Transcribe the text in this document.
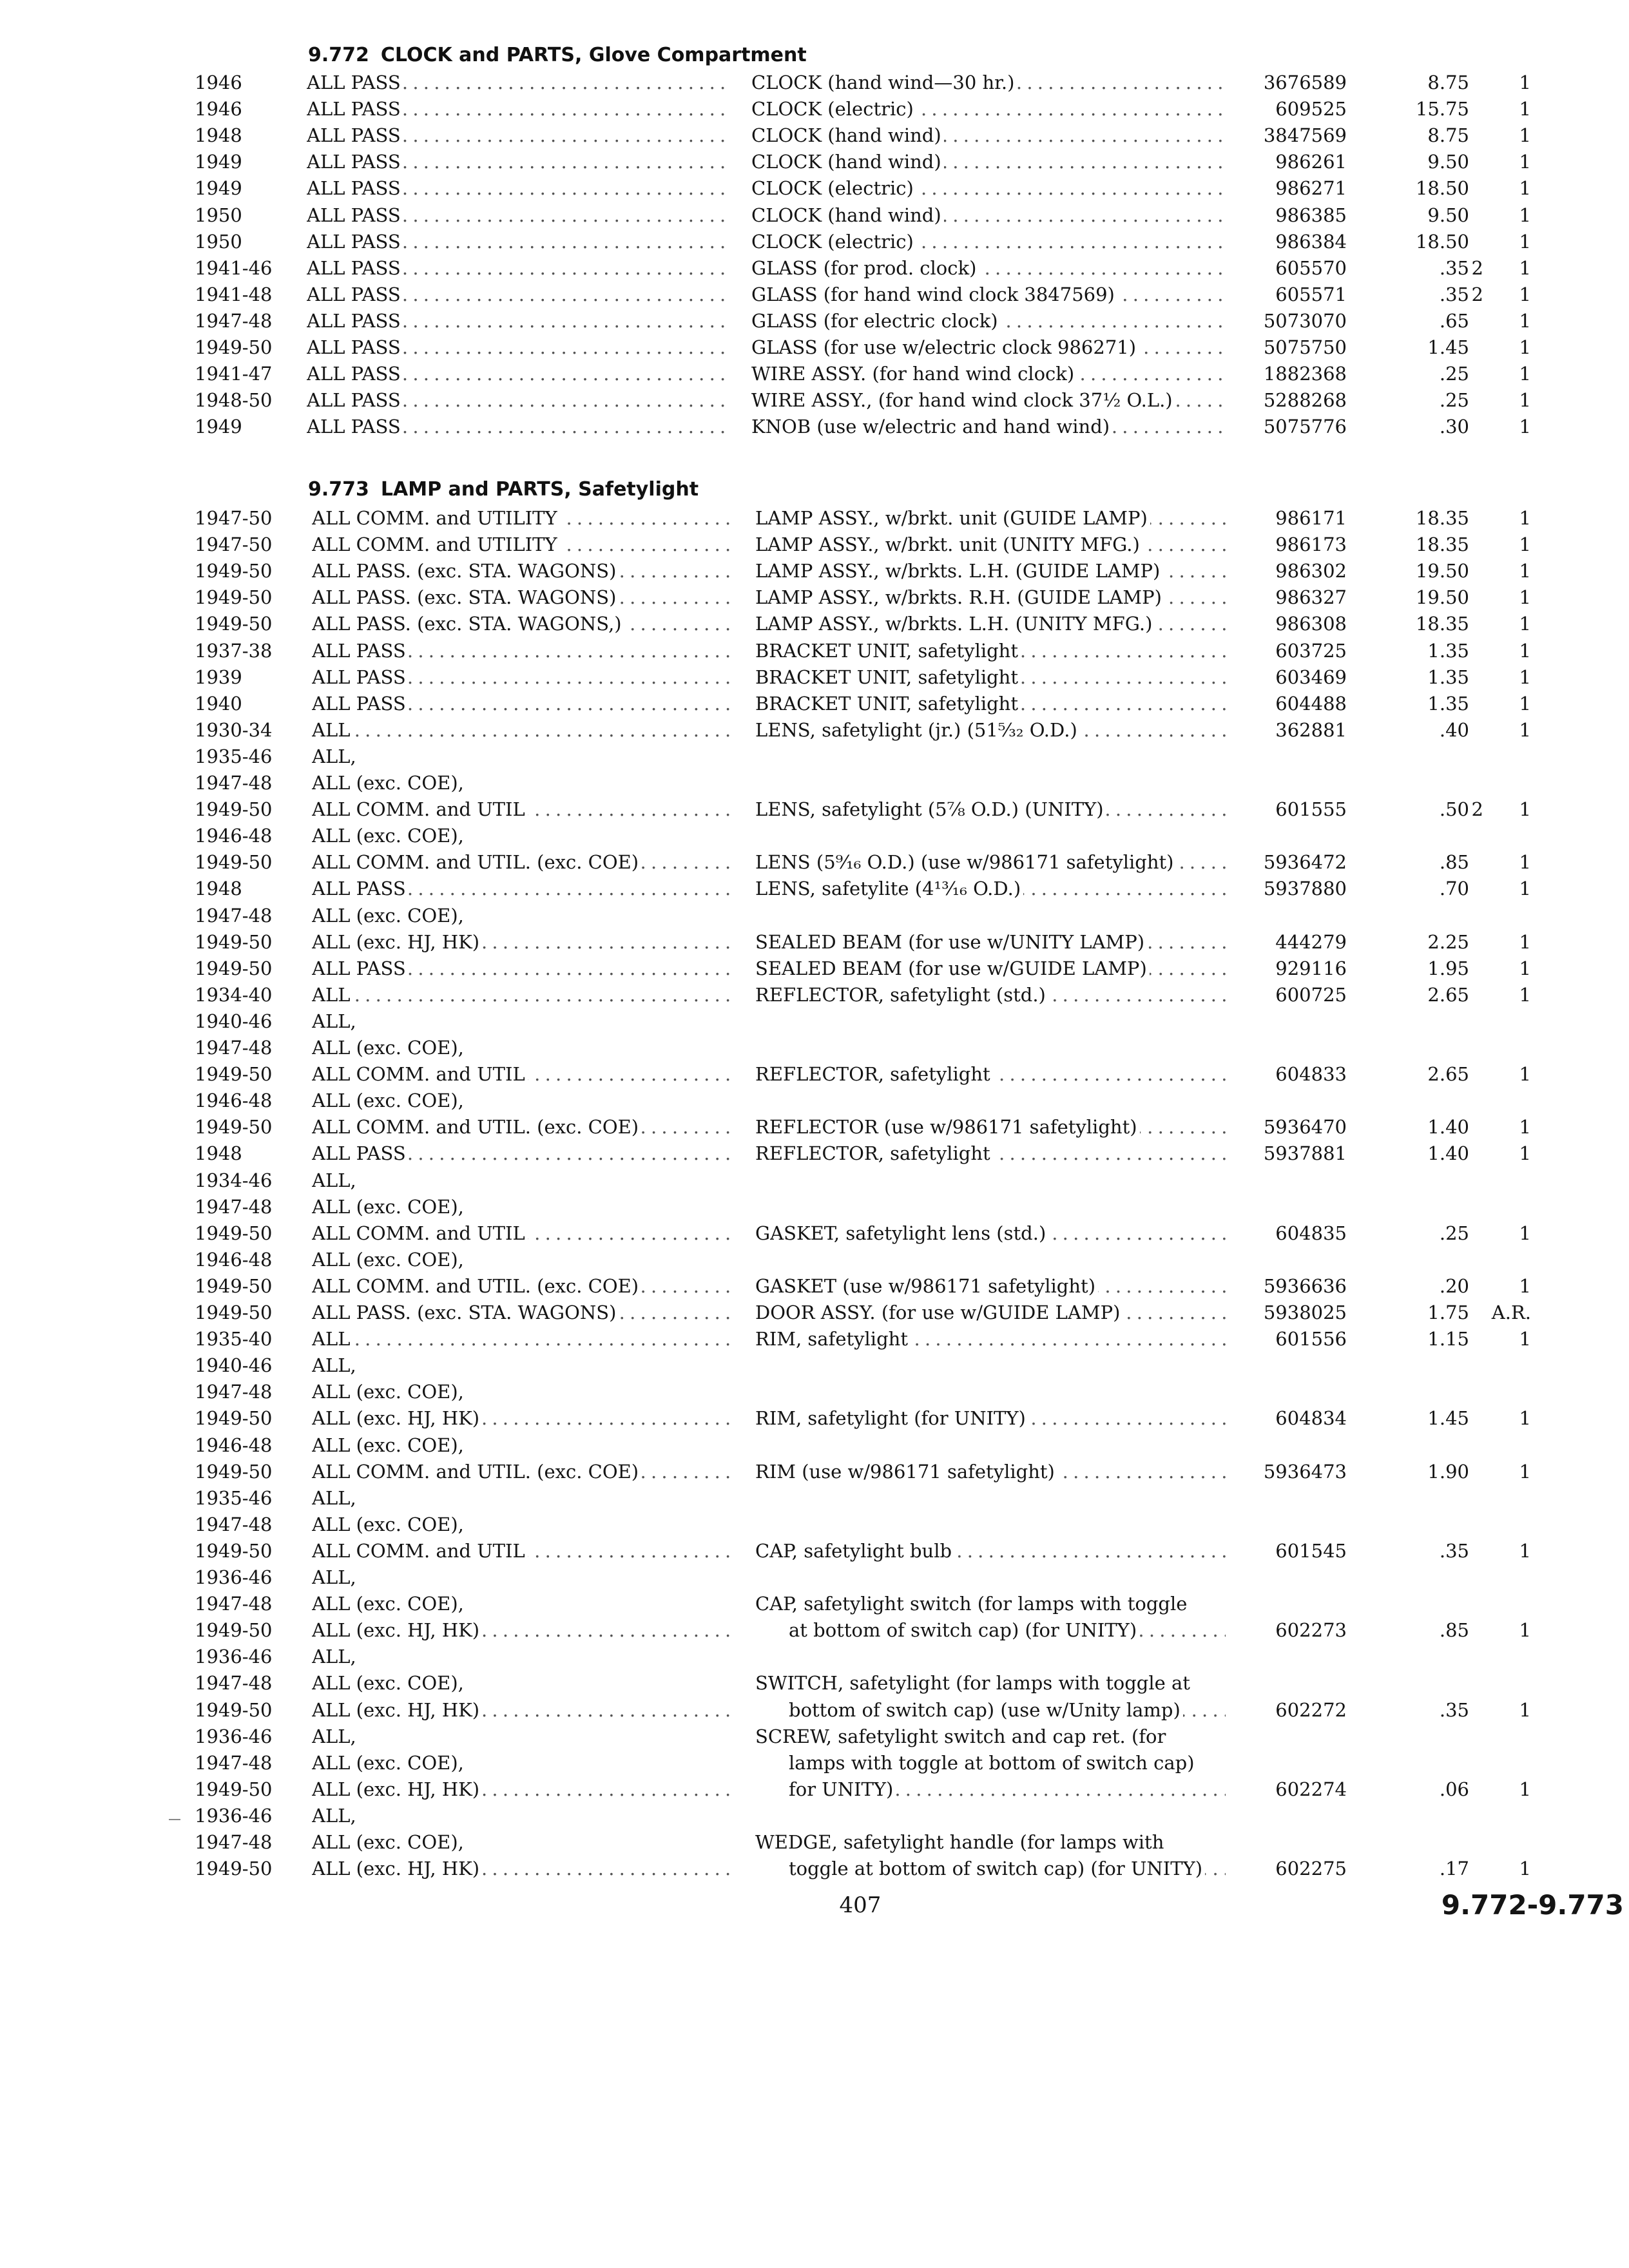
9.772 CLOCK and PARTS, Glove Compartment
1946	ALL PASS . . .	CLOCK (hand wind—30 hr.) . . .	3676589	8.75	1
1946	ALL PASS . . .	CLOCK (electric) . . .	609525	15.75	1
1948	ALL PASS . . .	CLOCK (hand wind) . . .	3847569	8.75	1
1949	ALL PASS . . .	CLOCK (hand wind) . . .	986261	9.50	1
1949	ALL PASS . . .	CLOCK (electric) . . .	986271	18.50	1
1950	ALL PASS . . .	CLOCK (hand wind) . . .	986385	9.50	1
1950	ALL PASS . . .	CLOCK (electric) . . .	986384	18.50	1
1941-46	ALL PASS . . .	GLASS (for prod. clock) . . .	605570	.35 2	1
1941-48	ALL PASS . . .	GLASS (for hand wind clock 3847569) . . .	605571	.35 2	1
1947-48	ALL PASS . . .	GLASS (for electric clock) . . .	5073070	.65	1
1949-50	ALL PASS . . .	GLASS (for use w/electric clock 986271) . . .	5075750	1.45	1
1941-47	ALL PASS . . .	WIRE ASSY. (for hand wind clock) . . .	1882368	.25	1
1948-50	ALL PASS . . .	WIRE ASSY., (for hand wind clock 37½ O.L.) . . .	5288268	.25	1
1949	ALL PASS . . .	KNOB (use w/electric and hand wind) . . .	5075776	.30	1
9.773 LAMP and PARTS, Safetylight
1947-50	ALL COMM. and UTILITY . . .	LAMP ASSY., w/brkt. unit (GUIDE LAMP) . . .	986171	18.35	1
1947-50	ALL COMM. and UTILITY . . .	LAMP ASSY., w/brkt. unit (UNITY MFG.) . . .	986173	18.35	1
1949-50	ALL PASS. (exc. STA. WAGONS) . . .	LAMP ASSY., w/brkts. L.H. (GUIDE LAMP) . . .	986302	19.50	1
1949-50	ALL PASS. (exc. STA. WAGONS) . . .	LAMP ASSY., w/brkts. R.H. (GUIDE LAMP) . . .	986327	19.50	1
1949-50	ALL PASS. (exc. STA. WAGONS,) . . .	LAMP ASSY., w/brkts. L.H. (UNITY MFG.) . . .	986308	18.35	1
1937-38	ALL PASS . . .	BRACKET UNIT, safetylight . . .	603725	1.35	1
1939	ALL PASS . . .	BRACKET UNIT, safetylight . . .	603469	1.35	1
1940	ALL PASS . . .	BRACKET UNIT, safetylight . . .	604488	1.35	1
1930-34	ALL . . .	LENS, safetylight (jr.) (51⁵⁄₃₂ O.D.) . . .	362881	.40	1
1935-46	ALL,
1947-48	ALL (exc. COE),
1949-50	ALL COMM. and UTIL . . .	LENS, safetylight (5⅞ O.D.) (UNITY) . . .	601555	.50 2	1
1946-48	ALL (exc. COE),
1949-50	ALL COMM. and UTIL. (exc. COE) . . .	LENS (5⁹⁄₁₆ O.D.) (use w/986171 safetylight) . . .	5936472	.85	1
1948	ALL PASS . . .	LENS, safetylite (4¹³⁄₁₆ O.D.) . . .	5937880	.70	1
1947-48	ALL (exc. COE),
1949-50	ALL (exc. HJ, HK) . . .	SEALED BEAM (for use w/UNITY LAMP) . . .	444279	2.25	1
1949-50	ALL PASS . . .	SEALED BEAM (for use w/GUIDE LAMP) . . .	929116	1.95	1
1934-40	ALL . . .	REFLECTOR, safetylight (std.) . . .	600725	2.65	1
1940-46	ALL,
1947-48	ALL (exc. COE),
1949-50	ALL COMM. and UTIL . . .	REFLECTOR, safetylight . . .	604833	2.65	1
1946-48	ALL (exc. COE),
1949-50	ALL COMM. and UTIL. (exc. COE) . . .	REFLECTOR (use w/986171 safetylight) . . .	5936470	1.40	1
1948	ALL PASS . . .	REFLECTOR, safetylight . . .	5937881	1.40	1
1934-46	ALL,
1947-48	ALL (exc. COE),
1949-50	ALL COMM. and UTIL . . .	GASKET, safetylight lens (std.) . . .	604835	.25	1
1946-48	ALL (exc. COE),
1949-50	ALL COMM. and UTIL. (exc. COE) . . .	GASKET (use w/986171 safetylight) . . .	5936636	.20	1
1949-50	ALL PASS. (exc. STA. WAGONS) . . .	DOOR ASSY. (for use w/GUIDE LAMP) . . .	5938025	1.75	A.R.
1935-40	ALL . . .	RIM, safetylight . . .	601556	1.15	1
1940-46	ALL,
1947-48	ALL (exc. COE),
1949-50	ALL (exc. HJ, HK) . . .	RIM, safetylight (for UNITY) . . .	604834	1.45	1
1946-48	ALL (exc. COE),
1949-50	ALL COMM. and UTIL. (exc. COE) . . .	RIM (use w/986171 safetylight) . . .	5936473	1.90	1
1935-46	ALL,
1947-48	ALL (exc. COE),
1949-50	ALL COMM. and UTIL . . .	CAP, safetylight bulb . . .	601545	.35	1
1936-46	ALL,
1947-48	ALL (exc. COE),	CAP, safetylight switch (for lamps with toggle
1949-50	ALL (exc. HJ, HK) . . .	at bottom of switch cap) (for UNITY) . . .	602273	.85	1
1936-46	ALL,
1947-48	ALL (exc. COE),	SWITCH, safetylight (for lamps with toggle at
1949-50	ALL (exc. HJ, HK) . . .	bottom of switch cap) (use w/Unity lamp) . . .	602272	.35	1
1936-46	ALL,	SCREW, safetylight switch and cap ret. (for
1947-48	ALL (exc. COE),	lamps with toggle at bottom of switch cap)
1949-50	ALL (exc. HJ, HK) . . .	for UNITY) . . .	602274	.06	1
1936-46	ALL,
1947-48	ALL (exc. COE),	WEDGE, safetylight handle (for lamps with
1949-50	ALL (exc. HJ, HK) . . .	toggle at bottom of switch cap) (for UNITY) . . .	602275	.17	1
407	9.772-9.773
